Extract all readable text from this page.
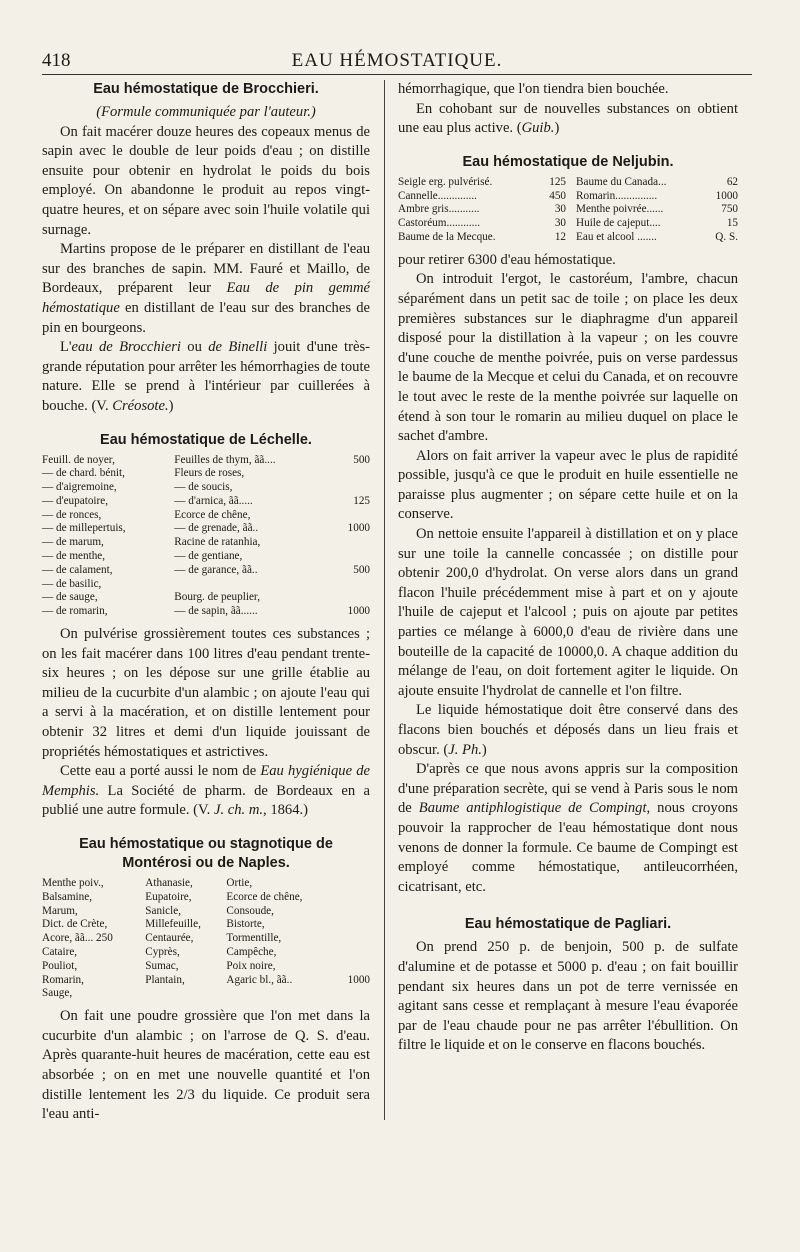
418	EAU HÉMOSTATIQUE.
Eau hémostatique de Brocchieri.

(Formule communiquée par l'auteur.)

On fait macérer douze heures des copeaux menus de sapin avec le double de leur poids d'eau ; on distille ensuite pour obtenir en hydrolat le poids du bois employé. On abandonne le produit au repos vingt-quatre heures, et on sépare avec soin l'huile volatile qui surnage.

Martins propose de le préparer en distillant de l'eau sur des branches de sapin. MM. Fauré et Maillo, de Bordeaux, préparent leur Eau de pin gemmé hémostatique en distillant de l'eau sur des branches de pin en bourgeons.

L'eau de Brocchieri ou de Binelli jouit d'une très-grande réputation pour arrêter les hémorrhagies de toute nature. Elle se prend à l'intérieur par cuillerées à bouche. (V. Créosote.)

Eau hémostatique de Léchelle.
Feuill. de noyer,	Feuilles de thym, ãã....	500
— de chard. bénit,	Fleurs de roses,	
— d'aigremoine,	— de soucis,	
— d'eupatoire,	— d'arnica, ãã.....	125
— de ronces,	Ecorce de chêne,	
— de millepertuis,	— de grenade, ãã..	1000
— de marum,	Racine de ratanhia,	
— de menthe,	— de gentiane,	
— de calament,	— de garance, ãã..	500
— de basilic,		
— de sauge,	Bourg. de peuplier,	
— de romarin,	— de sapin, ãã......	1000

On pulvérise grossièrement toutes ces substances ; on les fait macérer dans 100 litres d'eau pendant trente-six heures ; on les dépose sur une grille établie au milieu de la cucurbite d'un alambic ; on ajoute l'eau qui a servi à la macération, et on distille lentement pour obtenir 32 litres et demi d'un liquide jouissant de propriétés hémostatiques et astrictives.

Cette eau a porté aussi le nom de Eau hygiénique de Memphis. La Société de pharm. de Bordeaux en a publié une autre formule. (V. J. ch. m., 1864.)

Eau hémostatique ou stagnotique de
Montérosi ou de Naples.
Menthe poiv.,	Athanasie,	Ortie,	
Balsamine,	Eupatoire,	Ecorce de chêne,	
Marum,	Sanicle,	Consoude,	
Dict. de Crète,	Millefeuille,	Bistorte,	
Acore, ãã... 250	Centaurée,	Tormentille,	
Cataire,	Cyprès,	Campêche,	
Pouliot,	Sumac,	Poix noire,	
Romarin,	Plantain,	Agaric bl., ãã..	1000
Sauge,			

On fait une poudre grossière que l'on met dans la cucurbite d'un alambic ; on l'arrose de Q. S. d'eau. Après quarante-huit heures de macération, cette eau est absorbée ; on en met une nouvelle quantité et l'on distille lentement les 2/3 du liquide. Ce produit sera l'eau anti-

hémorrhagique, que l'on tiendra bien bouchée.

En cohobant sur de nouvelles substances on obtient une eau plus active. (Guib.)

Eau hémostatique de Neljubin.
Seigle erg. pulvérisé.	125	Baume du Canada...	62
Cannelle..............	450	Romarin...............	1000
Ambre gris...........	30	Menthe poivrée......	750
Castoréum............	30	Huile de cajeput....	15
Baume de la Mecque.	12	Eau et alcool .......	Q. S.

pour retirer 6300 d'eau hémostatique.

On introduit l'ergot, le castoréum, l'ambre, chacun séparément dans un petit sac de toile ; on place les deux premières substances sur le diaphragme d'un appareil disposé pour la distillation à la vapeur ; on les couvre d'une couche de menthe poivrée, puis on verse pardessus le baume de la Mecque et celui du Canada, et on recouvre le tout avec le reste de la menthe poivrée sur laquelle on étend à son tour le romarin au milieu duquel on place le sachet d'ambre.

Alors on fait arriver la vapeur avec le plus de rapidité possible, jusqu'à ce que le produit en huile essentielle ne paraisse plus augmenter ; on sépare cette huile et on la conserve.

On nettoie ensuite l'appareil à distillation et on y place sur une toile la cannelle concassée ; on distille pour obtenir 200,0 d'hydrolat. On verse alors dans un grand flacon l'huile précédemment mise à part et on y ajoute l'huile de cajeput et l'alcool ; puis on ajoute par petites parties ce mélange à 6000,0 d'eau de rivière dans une bouteille de la capacité de 10000,0. A chaque addition du mélange de l'eau, on doit fortement agiter le liquide. On ajoute ensuite l'hydrolat de cannelle et l'on filtre.

Le liquide hémostatique doit être conservé dans des flacons bien bouchés et déposés dans un lieu frais et obscur. (J. Ph.)

D'après ce que nous avons appris sur la composition d'une préparation secrète, qui se vend à Paris sous le nom de Baume antiphlogistique de Compingt, nous croyons pouvoir la rapprocher de l'eau hémostatique dont nous venons de donner la formule. Ce baume de Compingt est employé comme hémostatique, antileucorrhéen, cicatrisant, etc.

Eau hémostatique de Pagliari.

On prend 250 p. de benjoin, 500 p. de sulfate d'alumine et de potasse et 5000 p. d'eau ; on fait bouillir pendant six heures dans un pot de terre vernissée en agitant sans cesse et remplaçant à mesure l'eau évaporée par de l'eau chaude pour ne pas arrêter l'ébullition. On filtre le liquide et on le conserve en flacons bouchés.
